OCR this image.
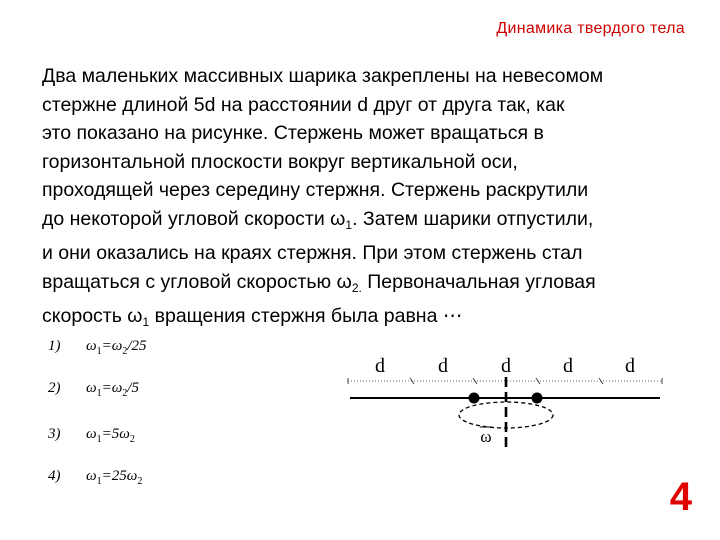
Динамика твердого тела
Два маленьких массивных шарика закреплены на невесомом
стержне длиной 5d на расстоянии d друг от друга так, как
это показано на рисунке. Стержень может вращаться в
горизонтальной плоскости вокруг вертикальной оси,
проходящей через середину стержня. Стержень раскрутили
до некоторой угловой скорости $\omega_1$. Затем шарики отпустили,
и они оказались на краях стержня. При этом стержень стал
вращаться с угловой скоростью $\omega_{2.}$ Первоначальная угловая
скорость $\omega_1$ вращения стержня была равна ⋯
1) $\omega_1=\omega_2/25$
2) $\omega_1=\omega_2/5$
3) $\omega_1=5\omega_2$
4) $\omega_1=25\omega_2$
d	d	d	d	d
ω
4
